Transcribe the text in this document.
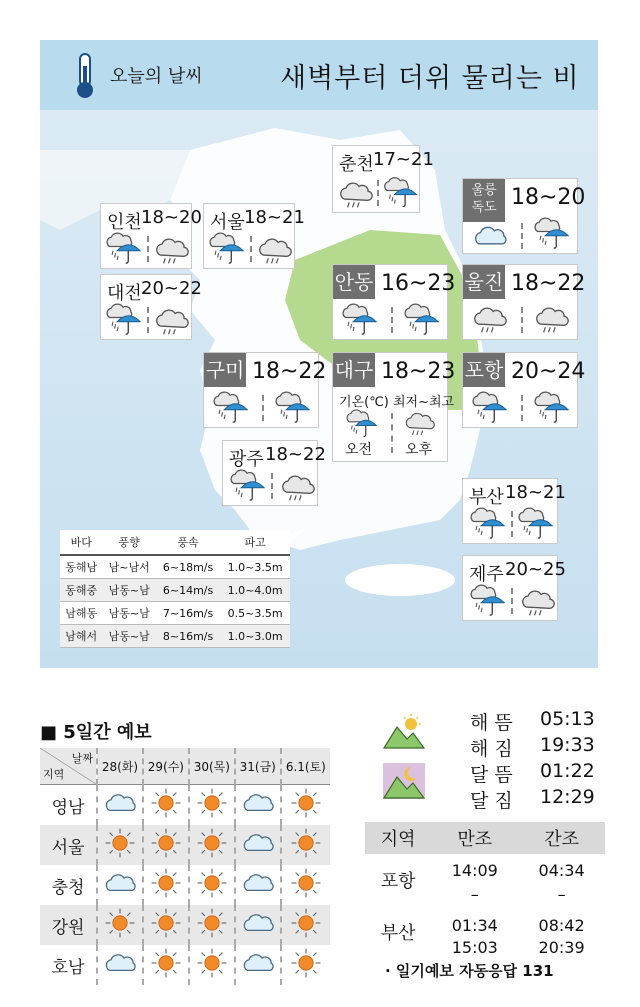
오늘의 날씨	새벽부터 더위 물리는 비
춘천 17~21
울릉
독도 18~20
인천 18~20 서울 18~21
안동 16~23 울진 18~22
대전 20~22
구미 18~22 대구 18~23
기온(℃) 최저~최고
오전 오후
포항 20~24
광주 18~22
부산 18~21
제주 20~25
바다	풍향	풍속	파고
동해남	남~남서	6~18m/s	1.0~3.5m
동해중	남동~남	6~14m/s	1.0~4.0m
남해동	남동~남	7~16m/s	0.5~3.5m
남해서	남동~남	8~16m/s	1.0~3.0m
■ 5일간 예보
날짜
지역	28(화)	29(수)	30(목)	31(금)	6.1(토)
영남					
서울					
충청					
강원					
호남					
해 뜸 05:13
해 짐 19:33
달 뜸 01:22
달 짐 12:29
지역	만조	간조
포항	14:09	04:34
	–	–
부산	01:34	08:42
	15:03	20:39
· 일기예보 자동응답 131
